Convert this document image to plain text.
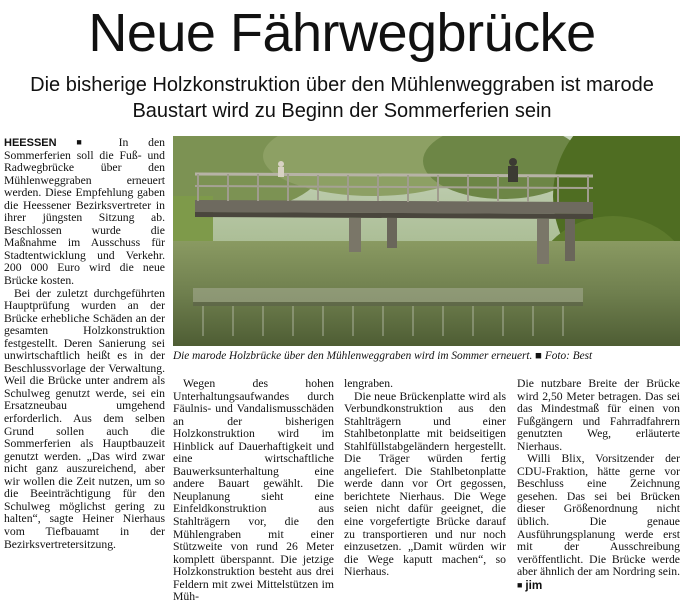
Neue Fährwegbrücke
Die bisherige Holzkonstruktion über den Mühlenweggraben ist marode
Baustart wird zu Beginn der Sommerferien sein
Die marode Holzbrücke über den Mühlenweggraben wird im Sommer erneuert. ■ Foto: Best

HEESSEN ■ In den Sommerferien soll die Fuß- und Radwegbrücke über den Mühlenweggraben erneuert werden. Diese Empfehlung gaben die Heessener Bezirksvertreter in ihrer jüngsten Sitzung ab. Beschlossen wurde die Maßnahme im Ausschuss für Stadtentwicklung und Verkehr. 200 000 Euro wird die neue Brücke kosten.

Bei der zuletzt durchgeführten Hauptprüfung wurden an der Brücke erhebliche Schäden an der gesamten Holzkonstruktion festgestellt. Deren Sanierung sei unwirtschaftlich heißt es in der Beschlussvorlage der Verwaltung. Weil die Brücke unter andrem als Schulweg genutzt werde, sei ein Ersatzneubau umgehend erforderlich. Aus dem selben Grund sollen auch die Sommerferien als Hauptbauzeit genutzt werden. „Das wird zwar nicht ganz auszureichend, aber wir wollen die Zeit nutzen, um so die Beeinträchtigung für den Schulweg möglichst gering zu halten“, sagte Heiner Nierhaus vom Tiefbauamt in der Bezirksvertretersitzung.

Wegen des hohen Unterhaltungsaufwandes durch Fäulnis- und Vandalismusschäden an der bisherigen Holzkonstruktion wird im Hinblick auf Dauerhaftigkeit und eine wirtschaftliche Bauwerksunterhaltung eine andere Bauart gewählt. Die Neuplanung sieht eine Einfeldkonstruktion aus Stahlträgern vor, die den Mühlengraben mit einer Stützweite von rund 26 Meter komplett überspannt. Die jetzige Holzkonstruktion besteht aus drei Feldern mit zwei Mittelstützen im Müh-

lengraben.

Die neue Brückenplatte wird als Verbundkonstruktion aus den Stahlträgern und einer Stahlbetonplatte mit beidseitigen Stahlfüllstabgeländern hergestellt. Die Träger würden fertig angeliefert. Die Stahlbetonplatte werde dann vor Ort gegossen, berichtete Nierhaus. Die Wege seien nicht dafür geeignet, die eine vorgefertigte Brücke darauf zu transportieren und nur noch einzusetzen. „Damit würden wir die Wege kaputt machen“, so Nierhaus.

Die nutzbare Breite der Brücke wird 2,50 Meter betragen. Das sei das Mindestmaß für einen von Fußgängern und Fahrradfahrern genutzten Weg, erläuterte Nierhaus.

Willi Blix, Vorsitzender der CDU-Fraktion, hätte gerne vor Beschluss eine Zeichnung gesehen. Das sei bei Brücken dieser Größenordnung nicht üblich. Die genaue Ausführungsplanung werde erst mit der Ausschreibung veröffentlicht. Die Brücke werde aber ähnlich der am Nordring sein. ■ jim
